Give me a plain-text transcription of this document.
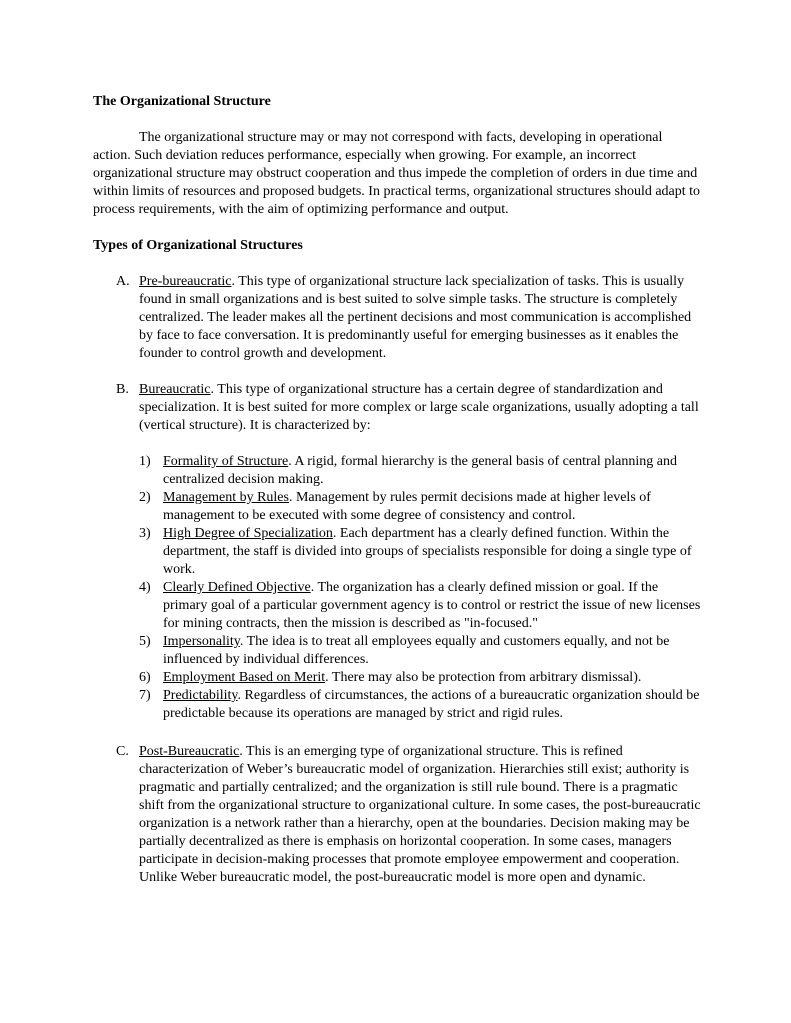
The Organizational Structure

The organizational structure may or may not correspond with facts, developing in operational action. Such deviation reduces performance, especially when growing. For example, an incorrect organizational structure may obstruct cooperation and thus impede the completion of orders in due time and within limits of resources and proposed budgets. In practical terms, organizational structures should adapt to process requirements, with the aim of optimizing performance and output.

Types of Organizational Structures
A. Pre-bureaucratic. This type of organizational structure lack specialization of tasks. This is usually found in small organizations and is best suited to solve simple tasks. The structure is completely centralized. The leader makes all the pertinent decisions and most communication is accomplished by face to face conversation. It is predominantly useful for emerging businesses as it enables the founder to control growth and development.
B. Bureaucratic. This type of organizational structure has a certain degree of standardization and specialization. It is best suited for more complex or large scale organizations, usually adopting a tall (vertical structure). It is characterized by:
1) Formality of Structure. A rigid, formal hierarchy is the general basis of central planning and centralized decision making.
2) Management by Rules. Management by rules permit decisions made at higher levels of management to be executed with some degree of consistency and control.
3) High Degree of Specialization. Each department has a clearly defined function. Within the department, the staff is divided into groups of specialists responsible for doing a single type of work.
4) Clearly Defined Objective. The organization has a clearly defined mission or goal. If the primary goal of a particular government agency is to control or restrict the issue of new licenses for mining contracts, then the mission is described as "in-focused."
5) Impersonality. The idea is to treat all employees equally and customers equally, and not be influenced by individual differences.
6) Employment Based on Merit. There may also be protection from arbitrary dismissal).
7) Predictability. Regardless of circumstances, the actions of a bureaucratic organization should be predictable because its operations are managed by strict and rigid rules.
C. Post-Bureaucratic. This is an emerging type of organizational structure. This is refined characterization of Weber’s bureaucratic model of organization. Hierarchies still exist; authority is pragmatic and partially centralized; and the organization is still rule bound. There is a pragmatic shift from the organizational structure to organizational culture. In some cases, the post-bureaucratic organization is a network rather than a hierarchy, open at the boundaries. Decision making may be partially decentralized as there is emphasis on horizontal cooperation. In some cases, managers participate in decision-making processes that promote employee empowerment and cooperation. Unlike Weber bureaucratic model, the post-bureaucratic model is more open and dynamic.
